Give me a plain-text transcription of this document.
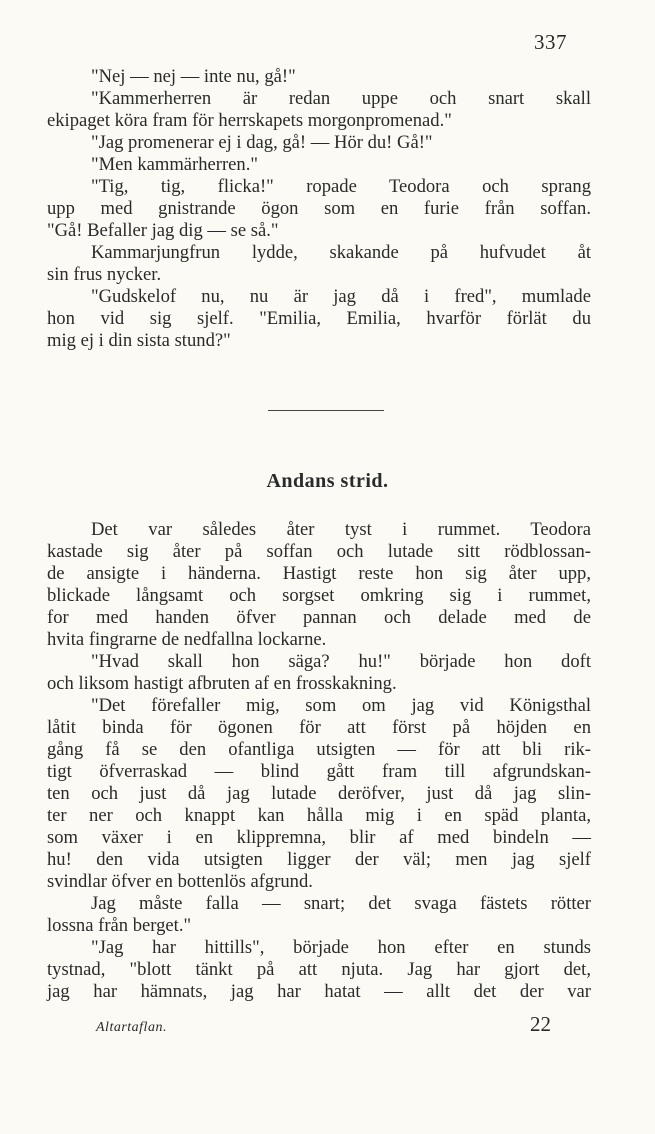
337
"Nej — nej — inte nu, gå!"
"Kammerherren är redan uppe och snart skall
ekipaget köra fram för herrskapets morgonpromenad."
"Jag promenerar ej i dag, gå! — Hör du! Gå!"
"Men kammärherren."
"Tig, tig, flicka!" ropade Teodora och sprang
upp med gnistrande ögon som en furie från soffan.
"Gå! Befaller jag dig — se så."
Kammarjungfrun lydde, skakande på hufvudet åt
sin frus nycker.
"Gudskelof nu, nu är jag då i fred", mumlade
hon vid sig sjelf. "Emilia, Emilia, hvarför förlät du
mig ej i din sista stund?"
Andans strid.
Det var således åter tyst i rummet. Teodora
kastade sig åter på soffan och lutade sitt rödblossan-
de ansigte i händerna. Hastigt reste hon sig åter upp,
blickade långsamt och sorgset omkring sig i rummet,
for med handen öfver pannan och delade med de
hvita fingrarne de nedfallna lockarne.
"Hvad skall hon säga? hu!" började hon doft
och liksom hastigt afbruten af en frosskakning.
"Det förefaller mig, som om jag vid Königsthal
låtit binda för ögonen för att först på höjden en
gång få se den ofantliga utsigten — för att bli rik-
tigt öfverraskad — blind gått fram till afgrundskan-
ten och just då jag lutade deröfver, just då jag slin-
ter ner och knappt kan hålla mig i en späd planta,
som växer i en klippremna, blir af med bindeln —
hu! den vida utsigten ligger der väl; men jag sjelf
svindlar öfver en bottenlös afgrund.
Jag måste falla — snart; det svaga fästets rötter
lossna från berget."
"Jag har hittills", började hon efter en stunds
tystnad, "blott tänkt på att njuta. Jag har gjort det,
jag har hämnats, jag har hatat — allt det der var
Altartaflan.	22
